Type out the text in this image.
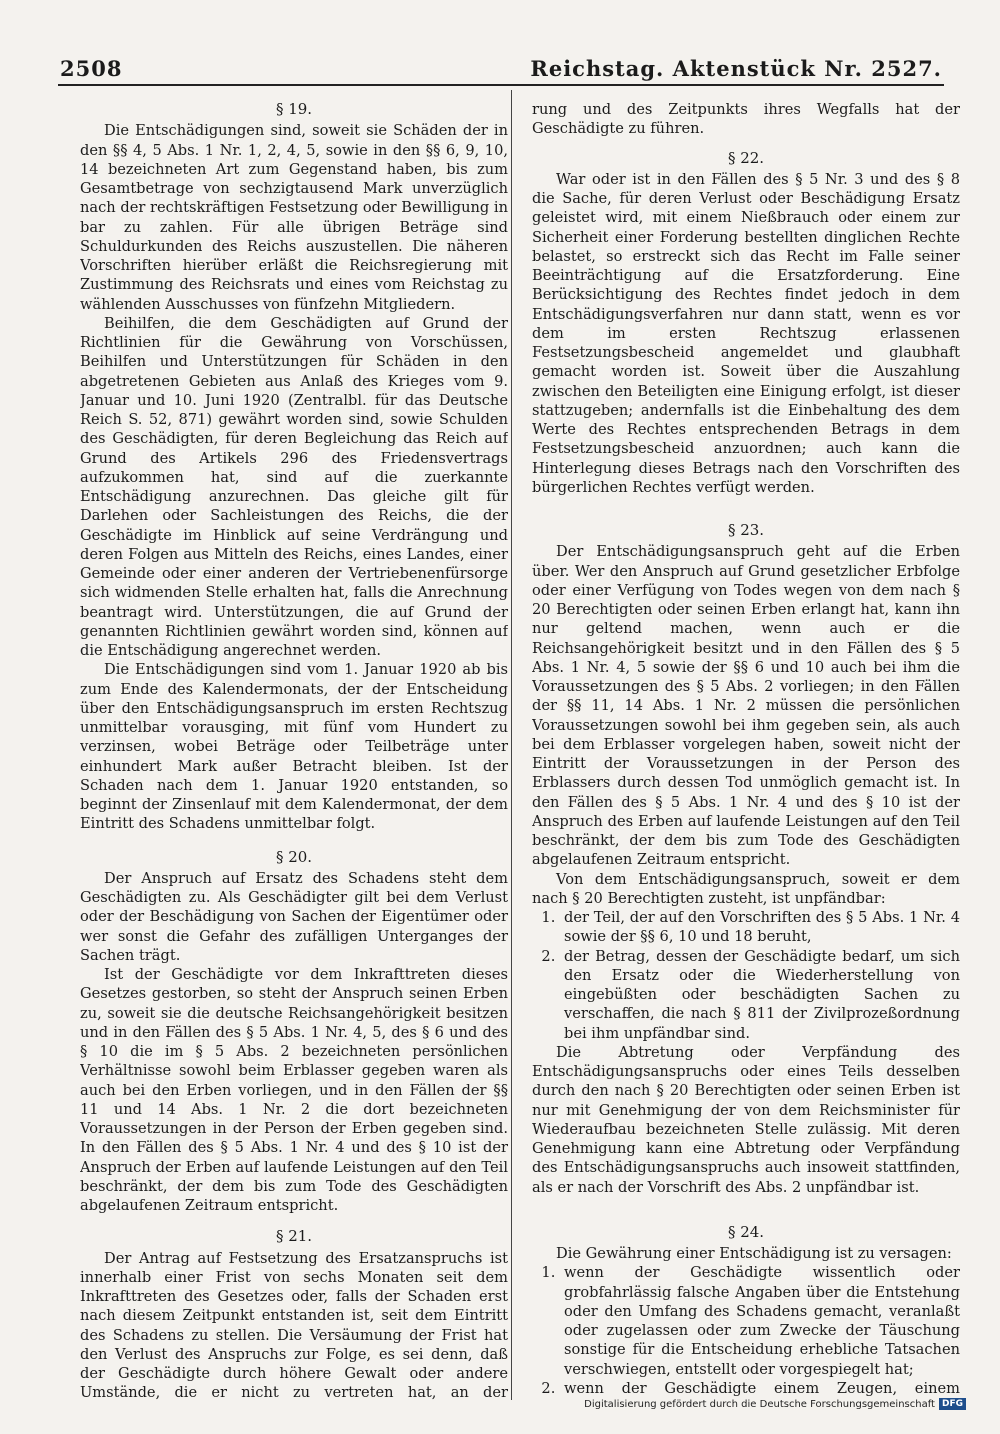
2508	Reichstag. Aktenstück Nr. 2527.
§ 19.

Die Entschädigungen sind, soweit sie Schäden der in den §§ 4, 5 Abs. 1 Nr. 1, 2, 4, 5, sowie in den §§ 6, 9, 10, 14 bezeichneten Art zum Gegenstand haben, bis zum Gesamtbetrage von sechzigtausend Mark unverzüglich nach der rechtskräftigen Festsetzung oder Bewilligung in bar zu zahlen. Für alle übrigen Beträge sind Schuldurkunden des Reichs auszustellen. Die näheren Vorschriften hierüber erläßt die Reichsregierung mit Zustimmung des Reichsrats und eines vom Reichstag zu wählenden Ausschusses von fünfzehn Mitgliedern.

Beihilfen, die dem Geschädigten auf Grund der Richtlinien für die Gewährung von Vorschüssen, Beihilfen und Unterstützungen für Schäden in den abgetretenen Gebieten aus Anlaß des Krieges vom 9. Januar und 10. Juni 1920 (Zentralbl. für das Deutsche Reich S. 52, 871) gewährt worden sind, sowie Schulden des Geschädigten, für deren Begleichung das Reich auf Grund des Artikels 296 des Friedensvertrags aufzukommen hat, sind auf die zuerkannte Entschädigung anzurechnen. Das gleiche gilt für Darlehen oder Sachleistungen des Reichs, die der Geschädigte im Hinblick auf seine Verdrängung und deren Folgen aus Mitteln des Reichs, eines Landes, einer Gemeinde oder einer anderen der Vertriebenenfürsorge sich widmenden Stelle erhalten hat, falls die Anrechnung beantragt wird. Unterstützungen, die auf Grund der genannten Richtlinien gewährt worden sind, können auf die Entschädigung angerechnet werden.

Die Entschädigungen sind vom 1. Januar 1920 ab bis zum Ende des Kalendermonats, der der Entscheidung über den Entschädigungsanspruch im ersten Rechtszug unmittelbar vorausging, mit fünf vom Hundert zu verzinsen, wobei Beträge oder Teilbeträge unter einhundert Mark außer Betracht bleiben. Ist der Schaden nach dem 1. Januar 1920 entstanden, so beginnt der Zinsenlauf mit dem Kalendermonat, der dem Eintritt des Schadens unmittelbar folgt.

§ 20.

Der Anspruch auf Ersatz des Schadens steht dem Geschädigten zu. Als Geschädigter gilt bei dem Verlust oder der Beschädigung von Sachen der Eigentümer oder wer sonst die Gefahr des zufälligen Unterganges der Sachen trägt.

Ist der Geschädigte vor dem Inkrafttreten dieses Gesetzes gestorben, so steht der Anspruch seinen Erben zu, soweit sie die deutsche Reichsangehörigkeit besitzen und in den Fällen des § 5 Abs. 1 Nr. 4, 5, des § 6 und des § 10 die im § 5 Abs. 2 bezeichneten persönlichen Verhältnisse sowohl beim Erblasser gegeben waren als auch bei den Erben vorliegen, und in den Fällen der §§ 11 und 14 Abs. 1 Nr. 2 die dort bezeichneten Voraussetzungen in der Person der Erben gegeben sind. In den Fällen des § 5 Abs. 1 Nr. 4 und des § 10 ist der Anspruch der Erben auf laufende Leistungen auf den Teil beschränkt, der dem bis zum Tode des Geschädigten abgelaufenen Zeitraum entspricht.

§ 21.

Der Antrag auf Festsetzung des Ersatzanspruchs ist innerhalb einer Frist von sechs Monaten seit dem Inkrafttreten des Gesetzes oder, falls der Schaden erst nach diesem Zeitpunkt entstanden ist, seit dem Eintritt des Schadens zu stellen. Die Versäumung der Frist hat den Verlust des Anspruchs zur Folge, es sei denn, daß der Geschädigte durch höhere Gewalt oder andere Umstände, die er nicht zu vertreten hat, an der

rung und des Zeitpunkts ihres Wegfalls hat der Geschädigte zu führen.

§ 22.

War oder ist in den Fällen des § 5 Nr. 3 und des § 8 die Sache, für deren Verlust oder Beschädigung Ersatz geleistet wird, mit einem Nießbrauch oder einem zur Sicherheit einer Forderung bestellten dinglichen Rechte belastet, so erstreckt sich das Recht im Falle seiner Beeinträchtigung auf die Ersatzforderung. Eine Berücksichtigung des Rechtes findet jedoch in dem Entschädigungsverfahren nur dann statt, wenn es vor dem im ersten Rechtszug erlassenen Festsetzungsbescheid angemeldet und glaubhaft gemacht worden ist. Soweit über die Auszahlung zwischen den Beteiligten eine Einigung erfolgt, ist dieser stattzugeben; andernfalls ist die Einbehaltung des dem Werte des Rechtes entsprechenden Betrags in dem Festsetzungsbescheid anzuordnen; auch kann die Hinterlegung dieses Betrags nach den Vorschriften des bürgerlichen Rechtes verfügt werden.

§ 23.

Der Entschädigungsanspruch geht auf die Erben über. Wer den Anspruch auf Grund gesetzlicher Erbfolge oder einer Verfügung von Todes wegen von dem nach § 20 Berechtigten oder seinen Erben erlangt hat, kann ihn nur geltend machen, wenn auch er die Reichsangehörigkeit besitzt und in den Fällen des § 5 Abs. 1 Nr. 4, 5 sowie der §§ 6 und 10 auch bei ihm die Voraussetzungen des § 5 Abs. 2 vorliegen; in den Fällen der §§ 11, 14 Abs. 1 Nr. 2 müssen die persönlichen Voraussetzungen sowohl bei ihm gegeben sein, als auch bei dem Erblasser vorgelegen haben, soweit nicht der Eintritt der Voraussetzungen in der Person des Erblassers durch dessen Tod unmöglich gemacht ist. In den Fällen des § 5 Abs. 1 Nr. 4 und des § 10 ist der Anspruch des Erben auf laufende Leistungen auf den Teil beschränkt, der dem bis zum Tode des Geschädigten abgelaufenen Zeitraum entspricht.

Von dem Entschädigungsanspruch, soweit er dem nach § 20 Berechtigten zusteht, ist unpfändbar:

1. der Teil, der auf den Vorschriften des § 5 Abs. 1 Nr. 4 sowie der §§ 6, 10 und 18 beruht,
2. der Betrag, dessen der Geschädigte bedarf, um sich den Ersatz oder die Wiederherstellung von eingebüßten oder beschädigten Sachen zu verschaffen, die nach § 811 der Zivilprozeßordnung bei ihm unpfändbar sind.

Die Abtretung oder Verpfändung des Entschädigungsanspruchs oder eines Teils desselben durch den nach § 20 Berechtigten oder seinen Erben ist nur mit Genehmigung der von dem Reichsminister für Wiederaufbau bezeichneten Stelle zulässig. Mit deren Genehmigung kann eine Abtretung oder Verpfändung des Entschädigungsanspruchs auch insoweit stattfinden, als er nach der Vorschrift des Abs. 2 unpfändbar ist.

§ 24.

Die Gewährung einer Entschädigung ist zu versagen:

1. wenn der Geschädigte wissentlich oder grobfahrlässig falsche Angaben über die Entstehung oder den Umfang des Schadens gemacht, veranlaßt oder zugelassen oder zum Zwecke der Täuschung sonstige für die Entscheidung erhebliche Tatsachen verschwiegen, entstellt oder vorgespiegelt hat;
2. wenn der Geschädigte einem Zeugen, einem
Digitalisierung gefördert durch die Deutsche Forschungsgemeinschaft DFG
